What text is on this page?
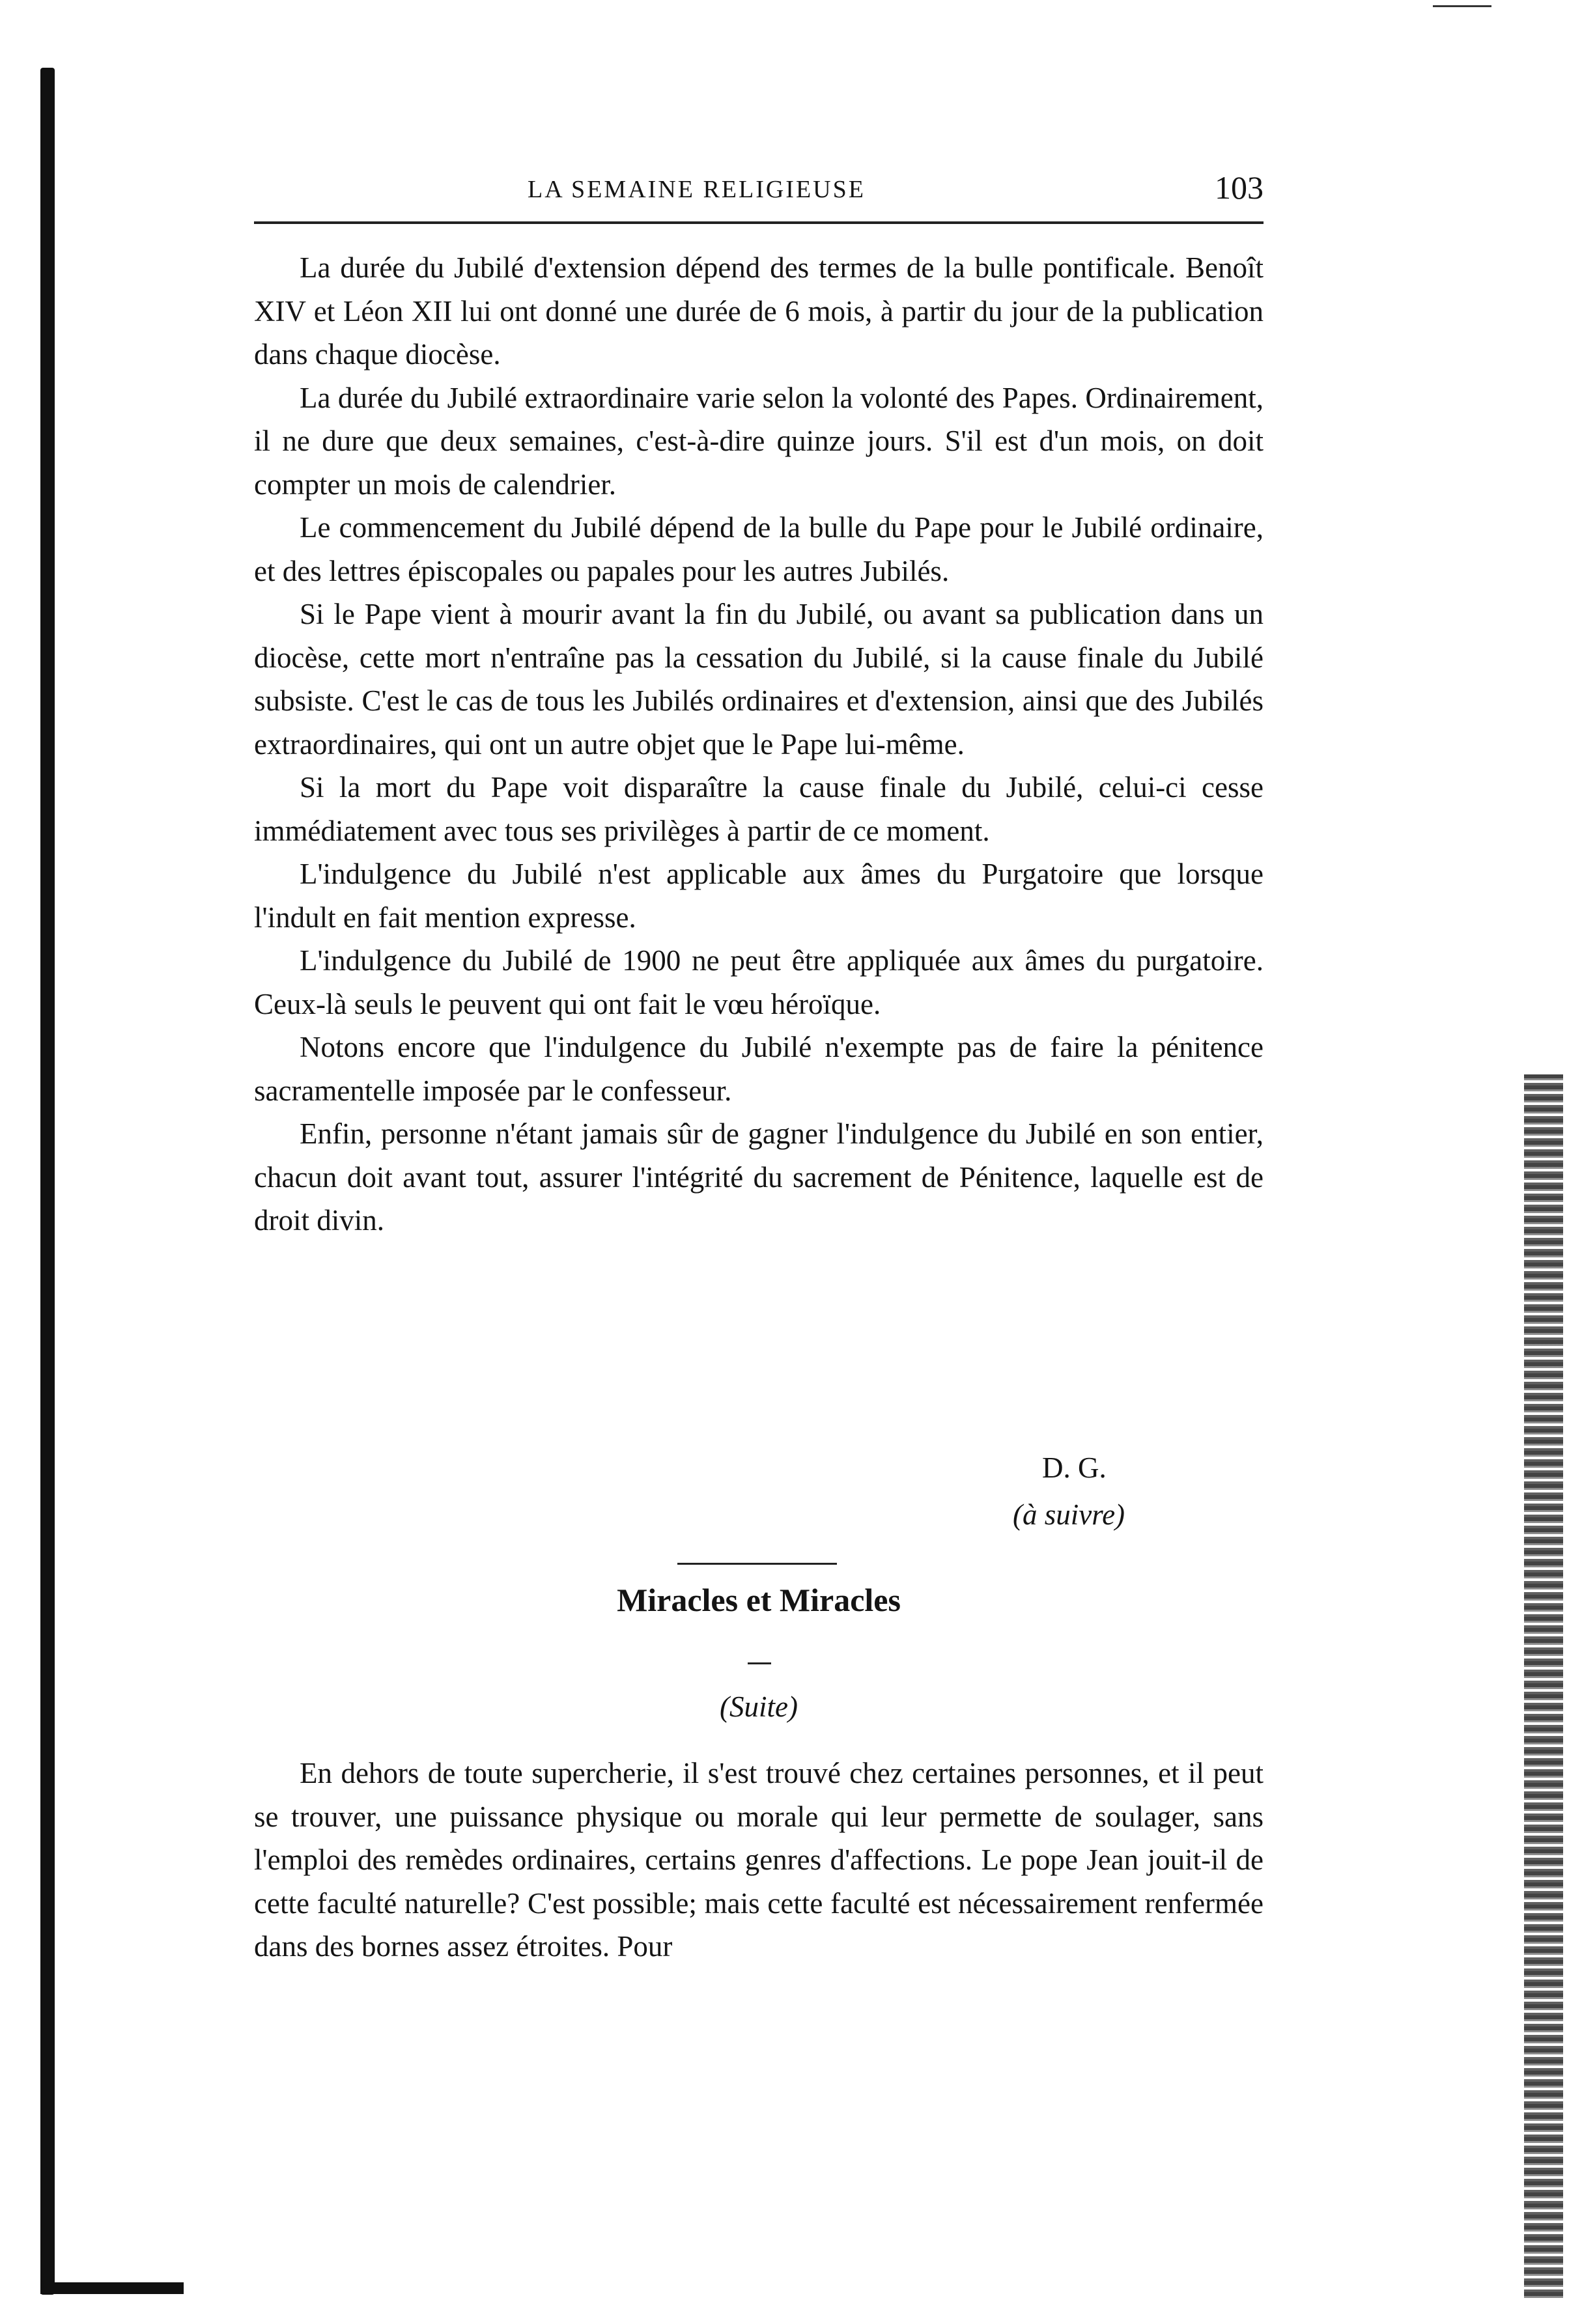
LA SEMAINE RELIGIEUSE	103

La durée du Jubilé d'extension dépend des termes de la bulle pontificale. Benoît XIV et Léon XII lui ont donné une durée de 6 mois, à partir du jour de la publication dans chaque diocèse.

La durée du Jubilé extraordinaire varie selon la volonté des Papes. Ordinairement, il ne dure que deux semaines, c'est-à-dire quinze jours. S'il est d'un mois, on doit compter un mois de calendrier.

Le commencement du Jubilé dépend de la bulle du Pape pour le Jubilé ordinaire, et des lettres épiscopales ou papales pour les autres Jubilés.

Si le Pape vient à mourir avant la fin du Jubilé, ou avant sa publication dans un diocèse, cette mort n'entraîne pas la cessation du Jubilé, si la cause finale du Jubilé subsiste. C'est le cas de tous les Jubilés ordinaires et d'extension, ainsi que des Jubilés extraordinaires, qui ont un autre objet que le Pape lui-même.

Si la mort du Pape voit disparaître la cause finale du Jubilé, celui-ci cesse immédiatement avec tous ses privilèges à partir de ce moment.

L'indulgence du Jubilé n'est applicable aux âmes du Purgatoire que lorsque l'indult en fait mention expresse.

L'indulgence du Jubilé de 1900 ne peut être appliquée aux âmes du purgatoire. Ceux-là seuls le peuvent qui ont fait le vœu héroïque.

Notons encore que l'indulgence du Jubilé n'exempte pas de faire la pénitence sacramentelle imposée par le confesseur.

Enfin, personne n'étant jamais sûr de gagner l'indulgence du Jubilé en son entier, chacun doit avant tout, assurer l'intégrité du sacrement de Pénitence, laquelle est de droit divin.

D. G.
(à suivre)
Miracles et Miracles
(Suite)

En dehors de toute supercherie, il s'est trouvé chez certaines personnes, et il peut se trouver, une puissance physique ou morale qui leur permette de soulager, sans l'emploi des remèdes ordinaires, certains genres d'affections. Le pope Jean jouit-il de cette faculté naturelle? C'est possible; mais cette faculté est nécessairement renfermée dans des bornes assez étroites. Pour
